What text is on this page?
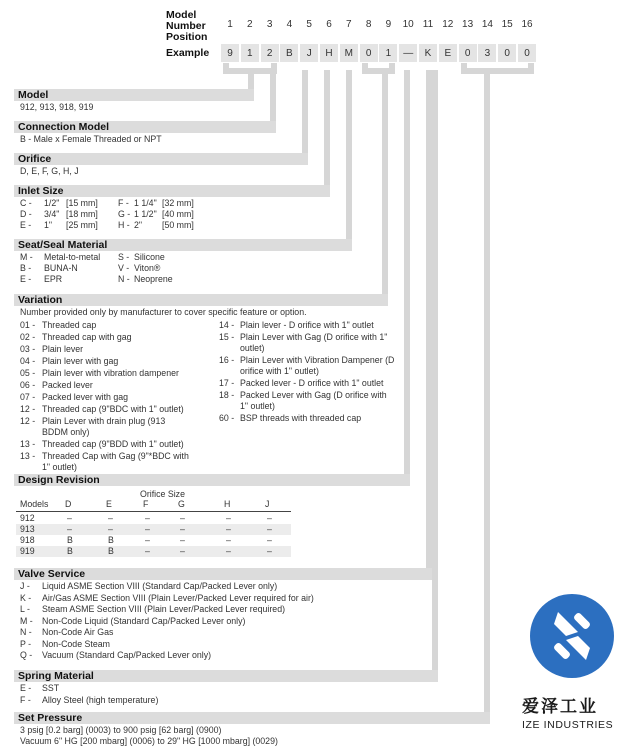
Model
Number
Position
Example
1	2	3	4	5	6	7	8	9	10 11 12 13 14 15 16
9	1	2	B	J	H	M	0	1	—	K	E	0	3	0	0
Model
912, 913, 918, 919
Connection Model
B - Male x Female Threaded or NPT
Orifice
D, E, F, G, H, J
Inlet Size
C - 1/2" [15 mm]
D - 3/4" [18 mm]
E - 1" [25 mm]
F - 1 1/4" [32 mm]
G - 1 1/2" [40 mm]
H - 2" [50 mm]
Seat/Seal Material
M - Metal-to-metal
B - BUNA-N
E - EPR
S - Silicone
V - Viton®
N - Neoprene
Variation
Number provided only by manufacturer to cover specific feature or option.
01 - Threaded cap
02 - Threaded cap with gag
03 - Plain lever
04 - Plain lever with gag
05 - Plain lever with vibration dampener
06 - Packed lever
07 - Packed lever with gag
12 - Threaded cap (9"BDC with 1" outlet)
12 - Plain Lever with drain plug (913 BDDM only)
13 - Threaded cap (9"BDD with 1" outlet)
13 - Threaded Cap with Gag (9"*BDC with 1" outlet)
14 - Plain lever - D orifice with 1" outlet
15 - Plain Lever with Gag (D orifice with 1" outlet)
16 - Plain Lever with Vibration Dampener (D orifice with 1" outlet)
17 - Packed lever - D orifice with 1" outlet
18 - Packed Lever with Gag (D orifice with 1" outlet)
60 - BSP threads with threaded cap
Design Revision
Orifice Size
Models D	E	F	G	H	J
912	–	–	–	–	–	–
913	–	–	–	–	–	–
918	B	B	–	–	–	–
919	B	B	–	–	–	–
Valve Service
J - Liquid ASME Section VIII (Standard Cap/Packed Lever only)
K - Air/Gas ASME Section VIII (Plain Lever/Packed Lever required for air)
L - Steam ASME Section VIII (Plain Lever/Packed Lever required)
M - Non-Code Liquid (Standard Cap/Packed Lever only)
N - Non-Code Air Gas
P - Non-Code Steam
Q - Vacuum (Standard Cap/Packed Lever only)
Spring Material
E - SST
F - Alloy Steel (high temperature)
Set Pressure
3 psig [0.2 barg] (0003) to 900 psig [62 barg] (0900)
Vacuum 6" HG [200 mbarg] (0006) to 29" HG [1000 mbarg] (0029)
爱泽工业
IZE INDUSTRIES
